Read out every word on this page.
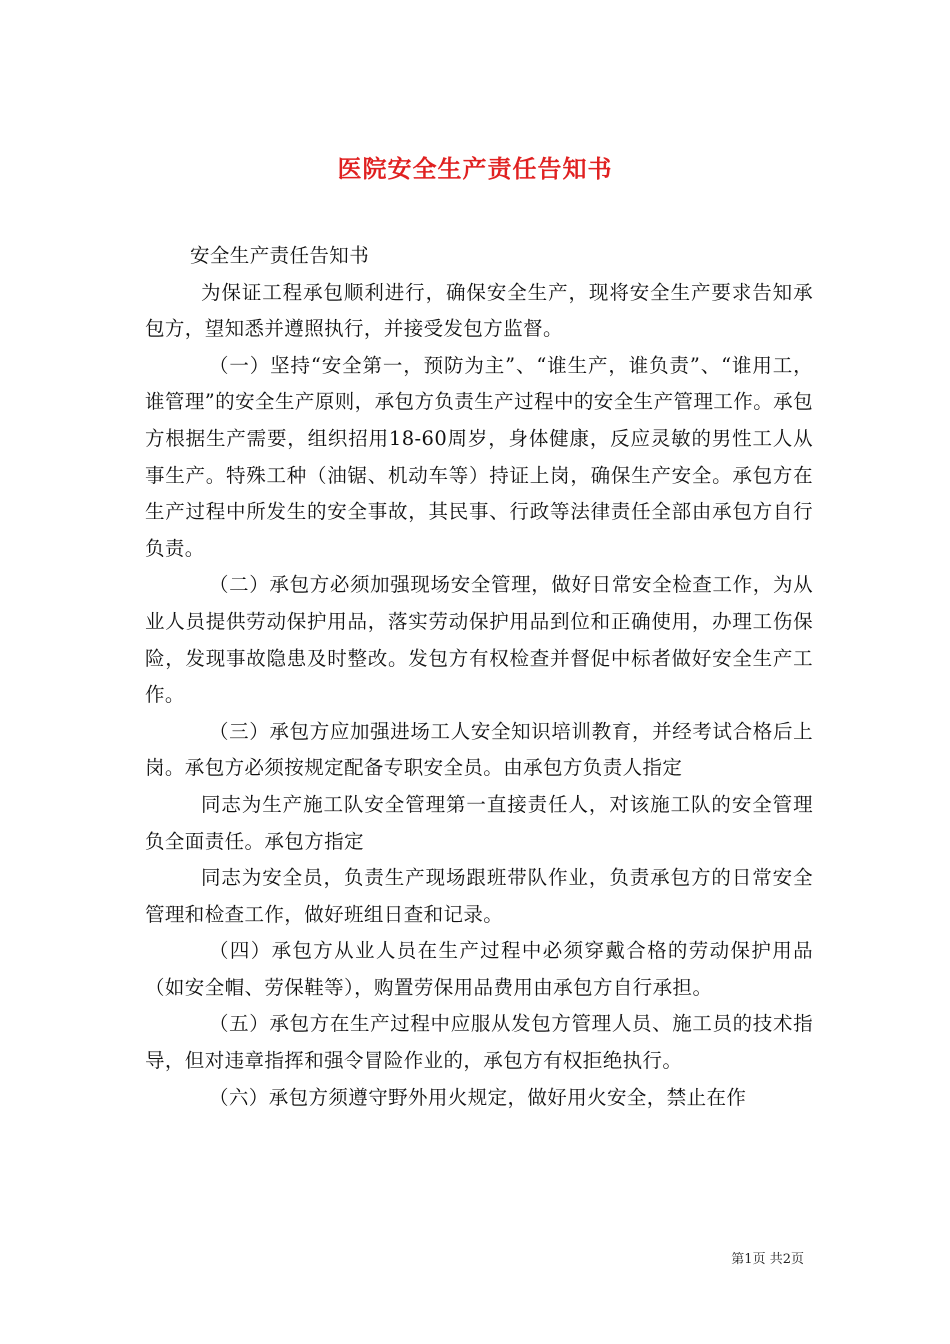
医院安全生产责任告知书

安全生产责任告知书

为保证工程承包顺利进行，确保安全生产，现将安全生产要求告知承包方，望知悉并遵照执行，并接受发包方监督。

（一）坚持“安全第一，预防为主”、“谁生产，谁负责”、“谁用工，谁管理”的安全生产原则，承包方负责生产过程中的安全生产管理工作。承包方根据生产需要，组织招用18-60周岁，身体健康，反应灵敏的男性工人从事生产。特殊工种（油锯、机动车等）持证上岗，确保生产安全。承包方在生产过程中所发生的安全事故，其民事、行政等法律责任全部由承包方自行负责。

（二）承包方必须加强现场安全管理，做好日常安全检查工作，为从业人员提供劳动保护用品，落实劳动保护用品到位和正确使用，办理工伤保险，发现事故隐患及时整改。发包方有权检查并督促中标者做好安全生产工作。

（三）承包方应加强进场工人安全知识培训教育，并经考试合格后上岗。承包方必须按规定配备专职安全员。由承包方负责人指定

同志为生产施工队安全管理第一直接责任人，对该施工队的安全管理负全面责任。承包方指定

同志为安全员，负责生产现场跟班带队作业，负责承包方的日常安全管理和检查工作，做好班组日查和记录。

（四）承包方从业人员在生产过程中必须穿戴合格的劳动保护用品（如安全帽、劳保鞋等），购置劳保用品费用由承包方自行承担。

（五）承包方在生产过程中应服从发包方管理人员、施工员的技术指导，但对违章指挥和强令冒险作业的，承包方有权拒绝执行。

（六）承包方须遵守野外用火规定，做好用火安全，禁止在作

第1页 共2页
